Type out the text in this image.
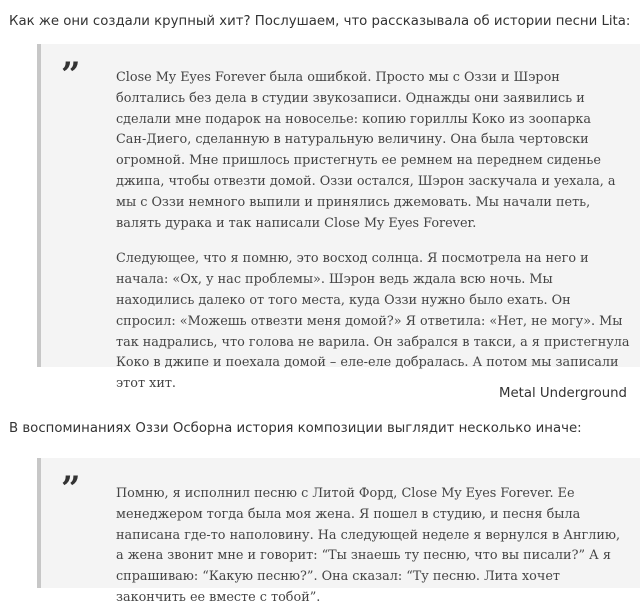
Как же они создали крупный хит? Послушаем, что рассказывала об истории песни Lita:
”	Close My Eyes Forever была ошибкой. Просто мы с Оззи и Шэрон

болтались без дела в студии звукозаписи. Однажды они заявились и

сделали мне подарок на новоселье: копию гориллы Коко из зоопарка

Сан-Диего, сделанную в натуральную величину. Она была чертовски

огромной. Мне пришлось пристегнуть ее ремнем на переднем сиденье

джипа, чтобы отвезти домой. Оззи остался, Шэрон заскучала и уехала, а

мы с Оззи немного выпили и принялись джемовать. Мы начали петь,

валять дурака и так написали Close My Eyes Forever.

Следующее, что я помню, это восход солнца. Я посмотрела на него и

начала: «Ох, у нас проблемы». Шэрон ведь ждала всю ночь. Мы

находились далеко от того места, куда Оззи нужно было ехать. Он

спросил: «Можешь отвезти меня домой?» Я ответила: «Нет, не могу». Мы

так надрались, что голова не варила. Он забрался в такси, а я пристегнула

Коко в джипе и поехала домой – еле-еле добралась. А потом мы записали

этот хит.

Metal Underground
В воспоминаниях Оззи Осборна история композиции выглядит несколько иначе:
”	Помню, я исполнил песню с Литой Форд, Close My Eyes Forever. Ее

менеджером тогда была моя жена. Я пошел в студию, и песня была

написана где-то наполовину. На следующей неделе я вернулся в Англию,

а жена звонит мне и говорит: “Ты знаешь ту песню, что вы писали?” А я

спрашиваю: “Какую песню?”. Она сказал: “Ту песню. Лита хочет

закончить ее вместе с тобой”.
